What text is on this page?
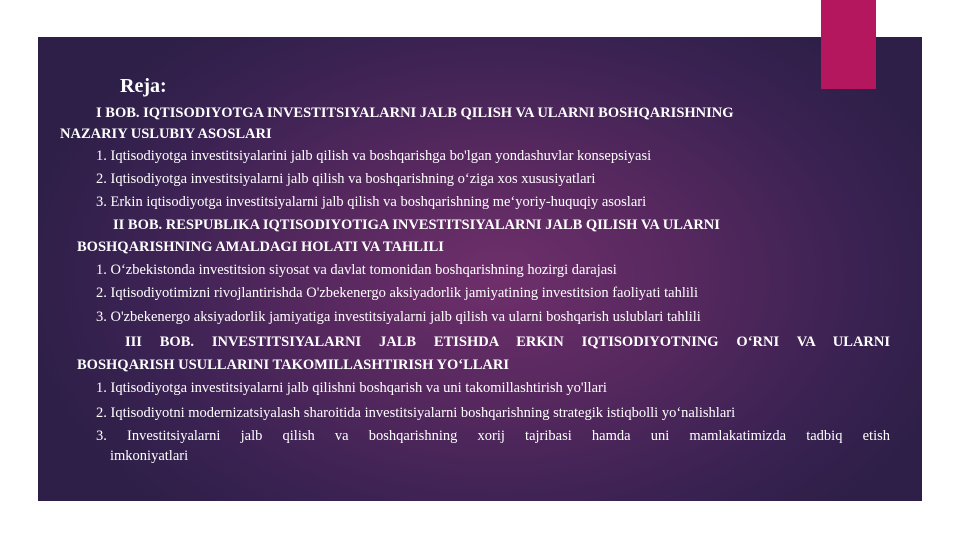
Reja:
I BOB. IQTISODIYOTGA INVESTITSIYALARNI JALB QILISH VA ULARNI BOSHQARISHNING
NAZARIY USLUBIY ASOSLARI
1. Iqtisodiyotga investitsiyalarini jalb qilish va boshqarishga bo'lgan yondashuvlar konsepsiyasi
2. Iqtisodiyotga investitsiyalarni jalb qilish va boshqarishning o‘ziga xos xususiyatlari
3. Erkin iqtisodiyotga investitsiyalarni jalb qilish va boshqarishning me‘yoriy-huquqiy asoslari
II BOB. RESPUBLIKA IQTISODIYOTIGA INVESTITSIYALARNI JALB QILISH VA ULARNI
BOSHQARISHNING AMALDAGI HOLATI VA TAHLILI
1. O‘zbekistonda investitsion siyosat va davlat tomonidan boshqarishning hozirgi darajasi
2. Iqtisodiyotimizni rivojlantirishda O'zbekenergo aksiyadorlik jamiyatining investitsion faoliyati tahlili
3. O'zbekenergo aksiyadorlik jamiyatiga investitsiyalarni jalb qilish va ularni boshqarish uslublari tahlili
III BOB. INVESTITSIYALARNI JALB ETISHDA ERKIN IQTISODIYOTNING O‘RNI VA ULARNI
BOSHQARISH USULLARINI TAKOMILLASHTIRISH YO‘LLARI
1. Iqtisodiyotga investitsiyalarni jalb qilishni boshqarish va uni takomillashtirish yo'llari
2. Iqtisodiyotni modernizatsiyalash sharoitida investitsiyalarni boshqarishning strategik istiqbolli yo‘nalishlari
3. Investitsiyalarni jalb qilish va boshqarishning xorij tajribasi hamda uni mamlakatimizda tadbiq etish
imkoniyatlari
